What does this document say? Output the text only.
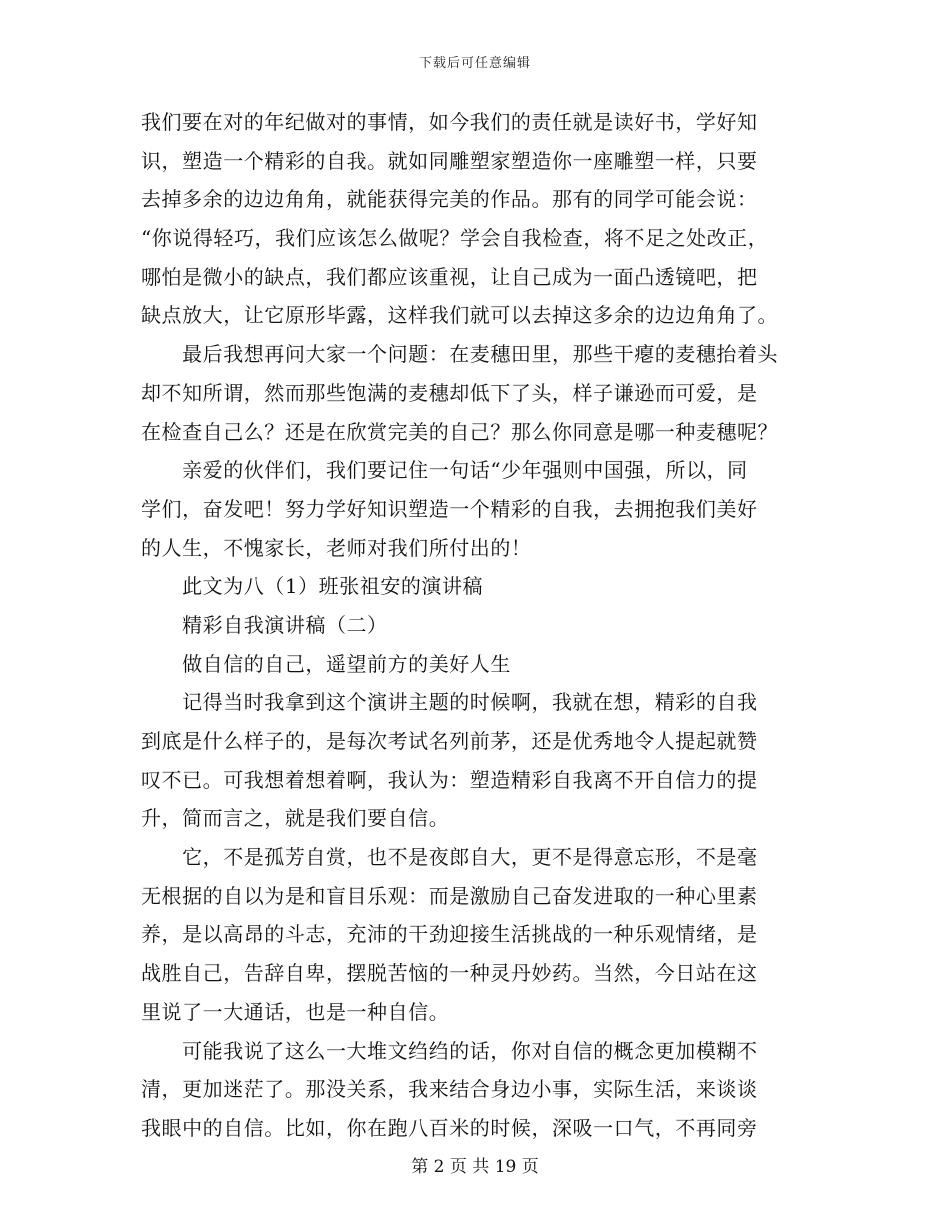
下载后可任意编辑
我们要在对的年纪做对的事情，如今我们的责任就是读好书，学好知
识，塑造一个精彩的自我。就如同雕塑家塑造你一座雕塑一样，只要
去掉多余的边边角角，就能获得完美的作品。那有的同学可能会说：
“你说得轻巧，我们应该怎么做呢？学会自我检查，将不足之处改正，
哪怕是微小的缺点，我们都应该重视，让自己成为一面凸透镜吧，把
缺点放大，让它原形毕露，这样我们就可以去掉这多余的边边角角了。
　　最后我想再问大家一个问题：在麦穗田里，那些干瘪的麦穗抬着头
却不知所谓，然而那些饱满的麦穗却低下了头，样子谦逊而可爱，是
在检查自己么？还是在欣赏完美的自己？那么你同意是哪一种麦穗呢？
　　亲爱的伙伴们，我们要记住一句话“少年强则中国强，所以，同
学们，奋发吧！努力学好知识塑造一个精彩的自我，去拥抱我们美好
的人生，不愧家长，老师对我们所付出的！
　　此文为八（1）班张祖安的演讲稿
　　精彩自我演讲稿（二）
　　做自信的自己，遥望前方的美好人生
　　记得当时我拿到这个演讲主题的时候啊，我就在想，精彩的自我
到底是什么样子的，是每次考试名列前茅，还是优秀地令人提起就赞
叹不已。可我想着想着啊，我认为：塑造精彩自我离不开自信力的提
升，简而言之，就是我们要自信。
　　它，不是孤芳自赏，也不是夜郎自大，更不是得意忘形，不是毫
无根据的自以为是和盲目乐观：而是激励自己奋发进取的一种心里素
养，是以高昂的斗志，充沛的干劲迎接生活挑战的一种乐观情绪，是
战胜自己，告辞自卑，摆脱苦恼的一种灵丹妙药。当然，今日站在这
里说了一大通话，也是一种自信。
　　可能我说了这么一大堆文绉绉的话，你对自信的概念更加模糊不
清，更加迷茫了。那没关系，我来结合身边小事，实际生活，来谈谈
我眼中的自信。比如，你在跑八百米的时候，深吸一口气，不再同旁
第 2 页 共 19 页
